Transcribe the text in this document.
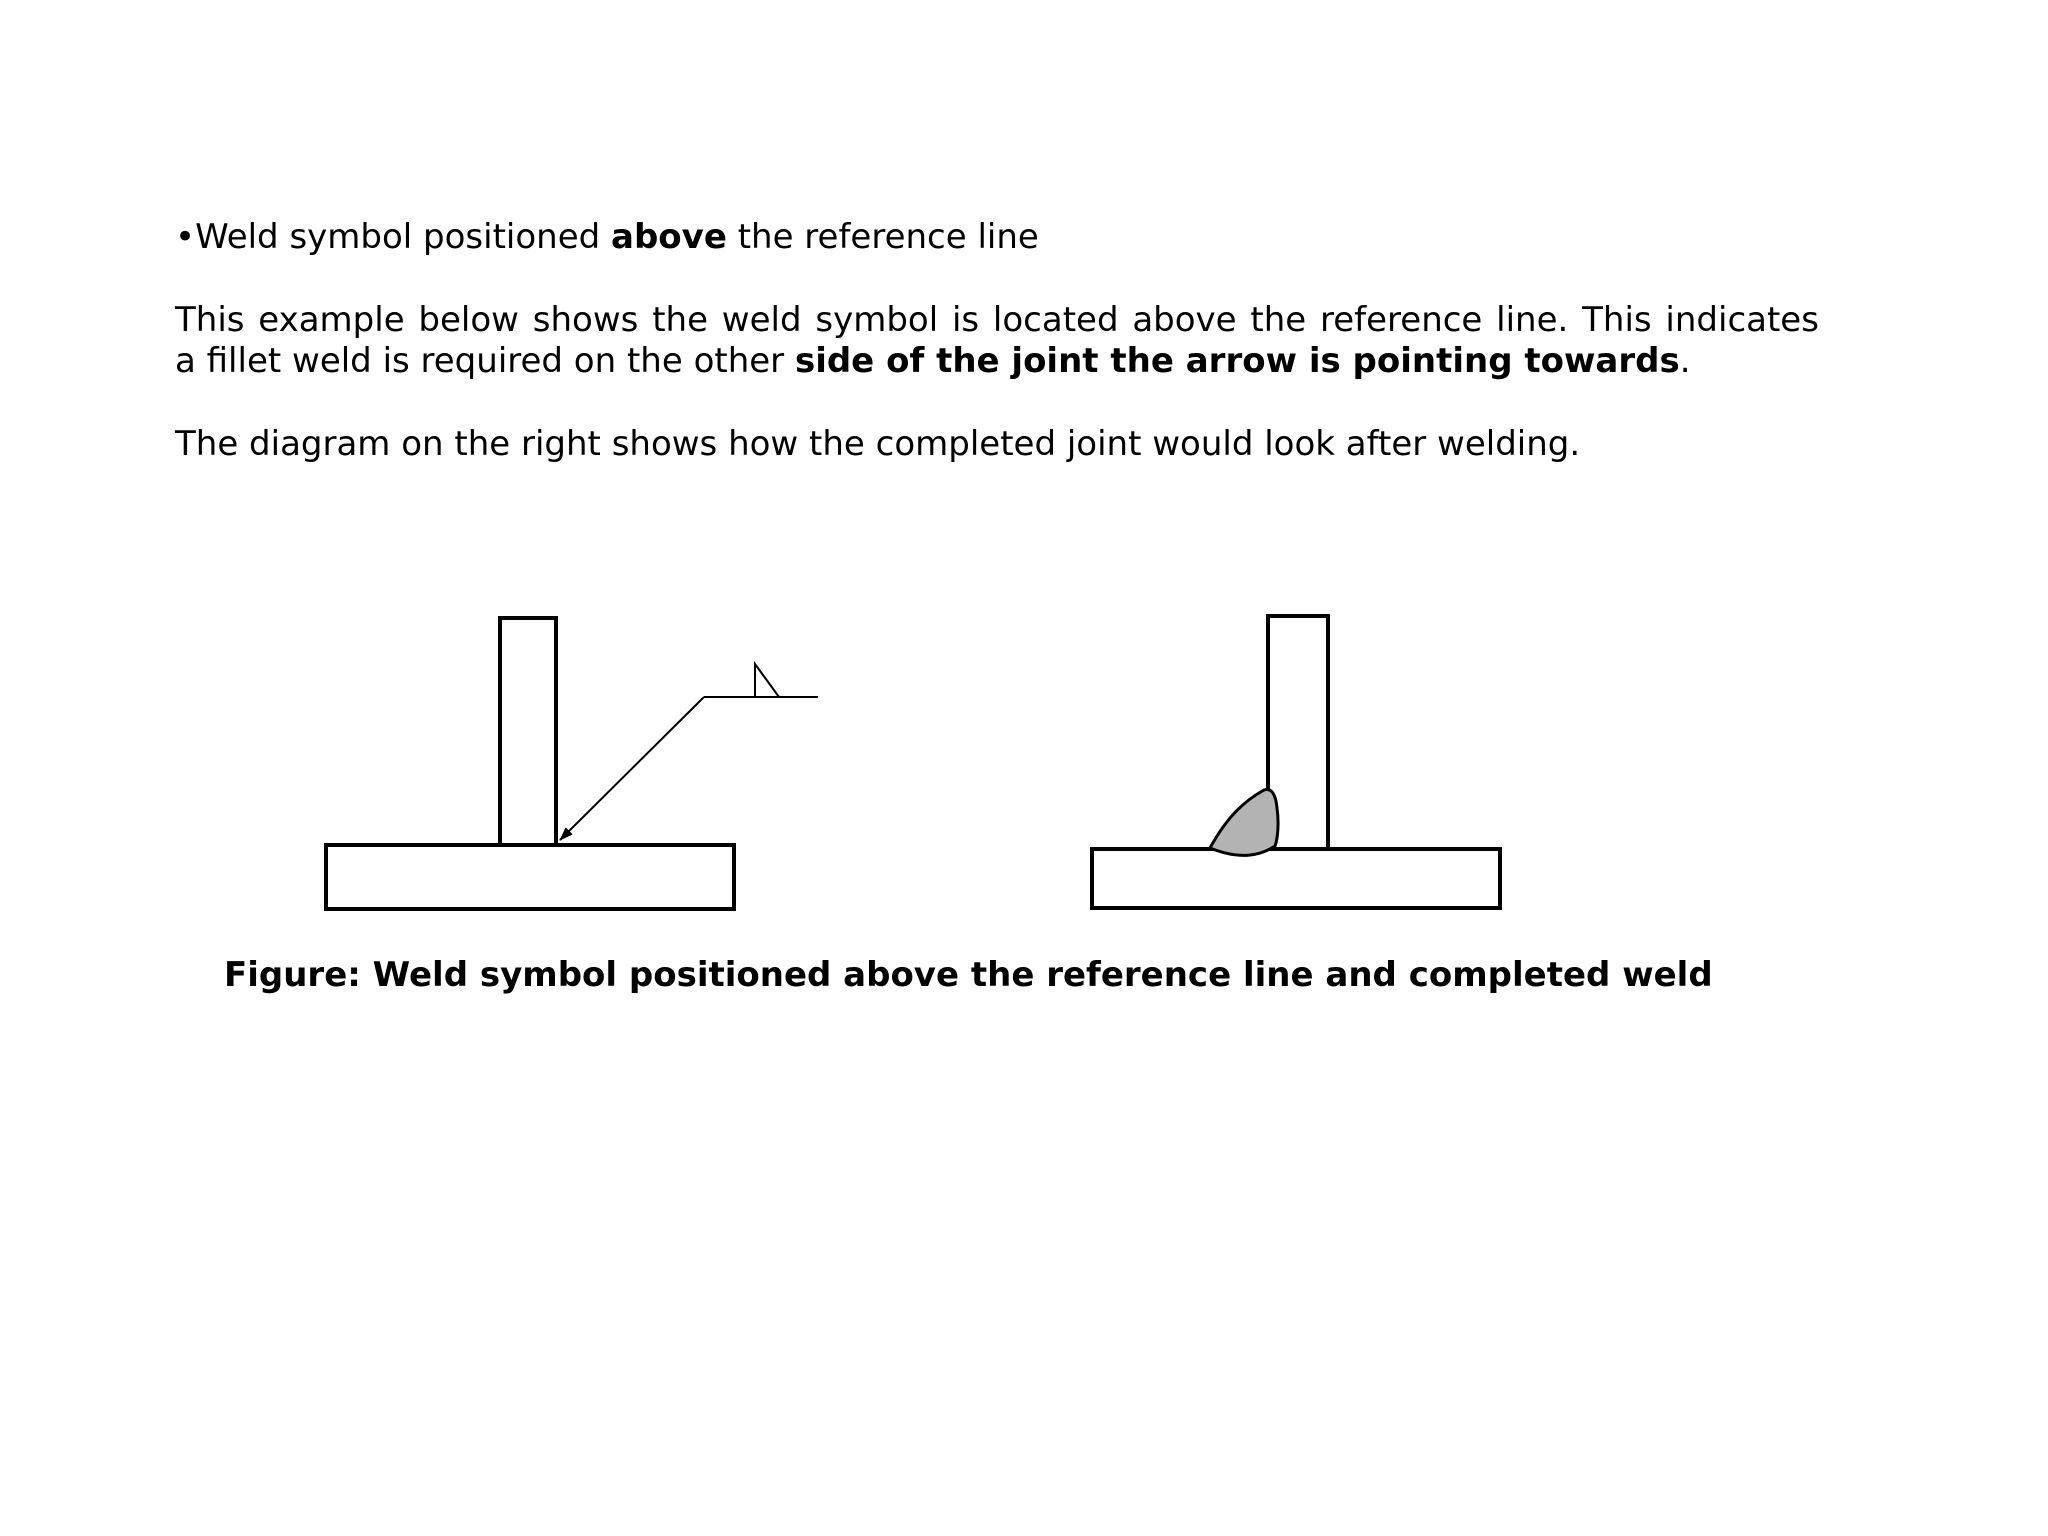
•Weld symbol positioned above the reference line
This example below shows the weld symbol is located above the reference line. This indicates
a fillet weld is required on the other side of the joint the arrow is pointing towards.
The diagram on the right shows how the completed joint would look after welding.
Figure: Weld symbol positioned above the reference line and completed weld
